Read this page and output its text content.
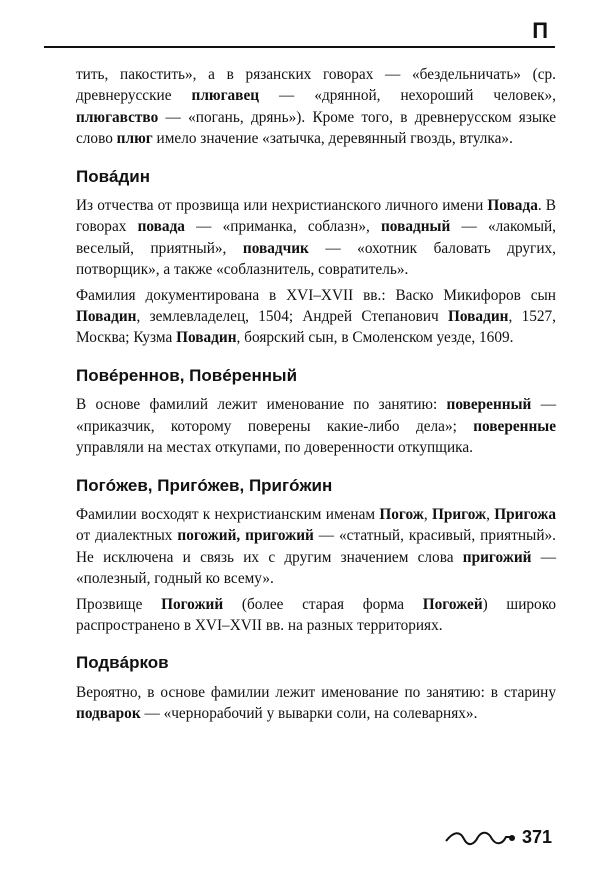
П

тить, пакостить», а в рязанских говорах — «бездельничать» (ср. древнерусские плюгавец — «дрянной, нехороший человек», плюгавство — «погань, дрянь»). Кроме того, в древнерусском языке слово плюг имело значение «затычка, деревянный гвоздь, втулка».

Повáдин

Из отчества от прозвища или нехристианского личного имени Повада. В говорах повада — «приманка, соблазн», повадный — «лакомый, веселый, приятный», повадчик — «охотник баловать других, потворщик», а также «соблазнитель, совратитель».

Фамилия документирована в XVI–XVII вв.: Васко Микифоров сын Повадин, землевладелец, 1504; Андрей Степанович Повадин, 1527, Москва; Кузма Повадин, боярский сын, в Смоленском уезде, 1609.

Повéреннов, Повéренный

В основе фамилий лежит именование по занятию: поверенный — «приказчик, которому поверены какие-либо дела»; поверенные управляли на местах откупами, по доверенности откупщика.

Погóжев, Пригóжев, Пригóжин

Фамилии восходят к нехристианским именам Погож, Пригож, Пригожа от диалектных погожий, пригожий — «статный, красивый, приятный». Не исключена и связь их с другим значением слова пригожий — «полезный, годный ко всему».

Прозвище Погожий (более старая форма Погожей) широко распространено в XVI–XVII вв. на разных территориях.

Подвáрков

Вероятно, в основе фамилии лежит именование по занятию: в старину подварок — «чернорабочий у выварки соли, на солеварнях».

371
